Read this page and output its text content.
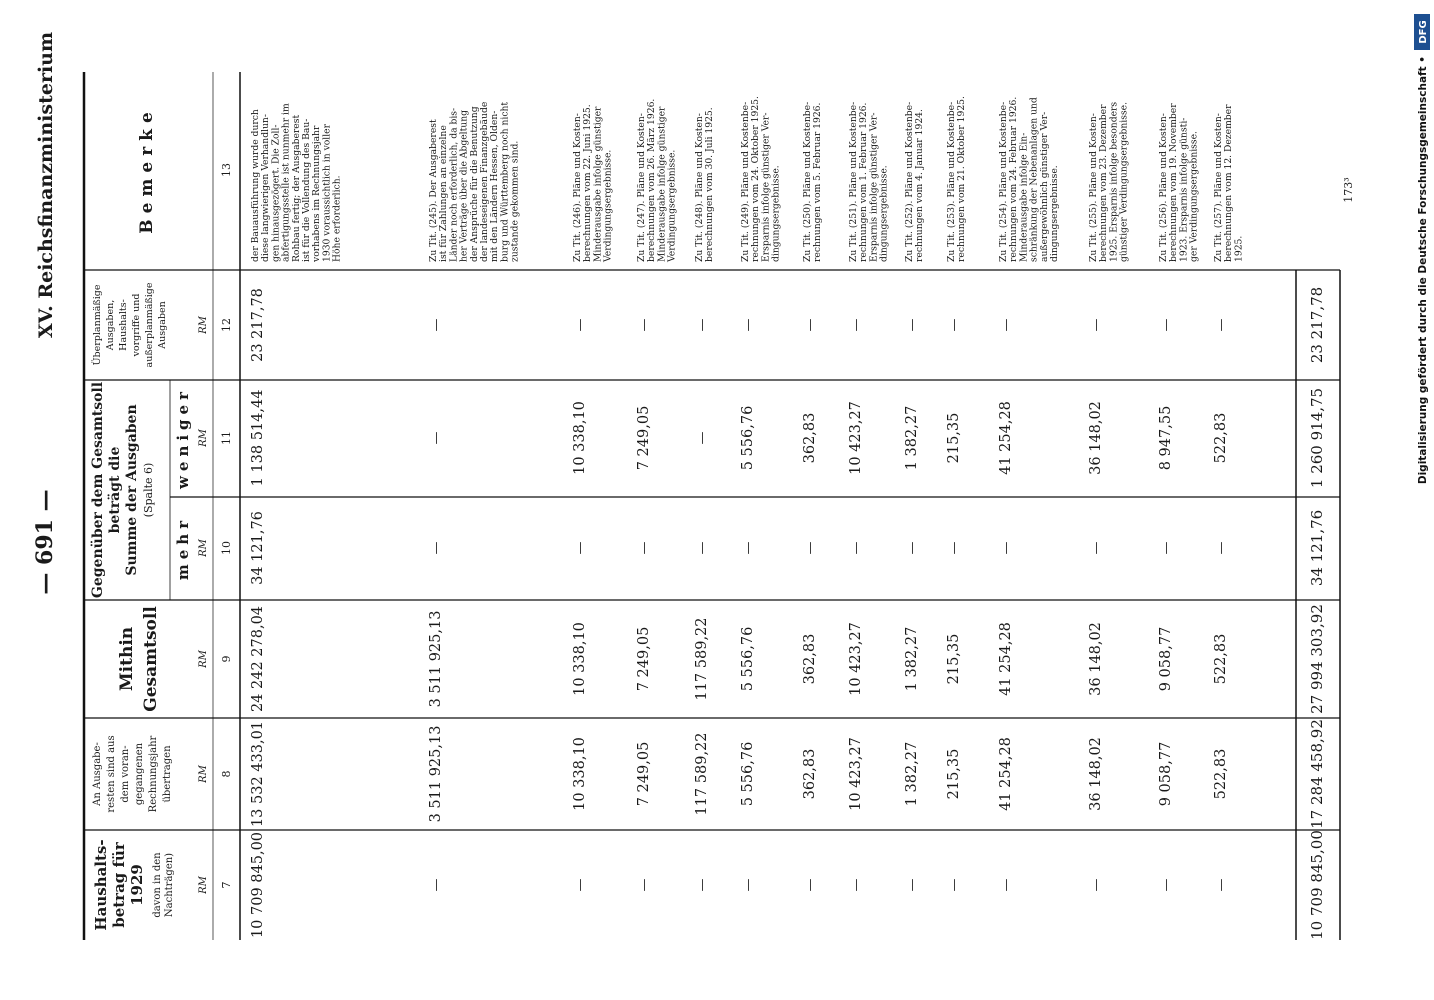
— 691 —
XV. Reichsfinanzministerium	173³
Haushalts- betrag für 1929 davon in den Nachträgen)
An Ausgabe- resten sind aus dem voran- gegangenen Rechnungsjahr übertragen
Mithin Gesamtsoll
Gegenüber dem Gesamtsoll beträgt die Summe der Ausgaben (Spalte 6)
mehr
weniger
Überplanmäßige Ausgaben, Haushalts- vorgriffe und außerplanmäßige Ausgaben
Bemerke
RM
RM
RM
RM
RM
RM
7
8
9
10
11
12
13
10 709 845,00
13 532 433,01
24 242 278,04
34 121,76
1 138 514,44
23 217,78
der Bauausführung wurde durch diese langwierigen Verhandlun- gen hinausgezögert. Die Zoll- abfertigungsstelle ist nunmehr im Rohbau fertig; der Ausgaberest ist für die Vollendung des Bau- vorhabens im Rechnungsjahr 1930 voraussichtlich in voller Höhe erforderlich.
—
3 511 925,13
3 511 925,13
—
—
—
Zu Tit. (245). Der Ausgaberest ist für Zahlungen an einzelne Länder noch erforderlich, da bis- her Verträge über die Abgeltung der Ansprüche für die Benutzung der landeseigenen Finanzgebäude mit den Ländern Hessen, Olden- burg und Württemberg noch nicht zustande gekommen sind.
—
10 338,10
10 338,10
—
10 338,10
—
Zu Tit. (246). Pläne und Kosten- berechnungen vom 22. Juni 1925. Minderausgabe infolge günstiger Verdingungsergebnisse.
—
7 249,05
7 249,05
—
7 249,05
—
Zu Tit. (247). Pläne und Kosten- berechnungen vom 26. März 1926. Minderausgabe infolge günstiger Verdingungsergebnisse.
—
117 589,22
117 589,22
—
—
—
Zu Tit. (248). Pläne und Kosten- berechnungen vom 30. Juli 1925.
—
5 556,76
5 556,76
—
5 556,76
—
Zu Tit. (249). Pläne und Kostenbe- rechnungen vom 24. Oktober 1925. Ersparnis infolge günstiger Ver- dingungsergebnisse.
—
362,83
362,83
—
362,83
—
Zu Tit. (250). Pläne und Kostenbe- rechnungen vom 5. Februar 1926.
—
10 423,27
10 423,27
—
10 423,27
—
Zu Tit. (251). Pläne und Kostenbe- rechnungen vom 1. Februar 1926. Ersparnis infolge günstiger Ver- dingungsergebnisse.
—
1 382,27
1 382,27
—
1 382,27
—
Zu Tit. (252). Pläne und Kostenbe- rechnungen vom 4. Januar 1924.
—
215,35
215,35
—
215,35
—
Zu Tit. (253). Pläne und Kostenbe- rechnungen vom 21. Oktober 1925.
—
41 254,28
41 254,28
—
41 254,28
—
Zu Tit. (254). Pläne und Kostenbe- rechnungen vom 24. Februar 1926. Minderausgabe infolge Ein- schränkung der Nebenanlagen und außergewöhnlich günstiger Ver- dingungsergebnisse.
—
36 148,02
36 148,02
—
36 148,02
—
Zu Tit. (255). Pläne und Kosten- berechnungen vom 23. Dezember 1925. Ersparnis infolge besonders günstiger Verdingungsergebnisse.
—
9 058,77
9 058,77
—
8 947,55
—
Zu Tit. (256). Pläne und Kosten- berechnungen vom 19. November 1923. Ersparnis infolge günsti- ger Verdingungsergebnisse.
—
522,83
522,83
—
522,83
—
Zu Tit. (257). Pläne und Kosten- berechnungen vom 12. Dezember 1925.
10 709 845,00
17 284 458,92
27 994 303,92
34 121,76
1 260 914,75
23 217,78
DFG
Digitalisierung gefördert durch die Deutsche Forschungsgemeinschaft •
